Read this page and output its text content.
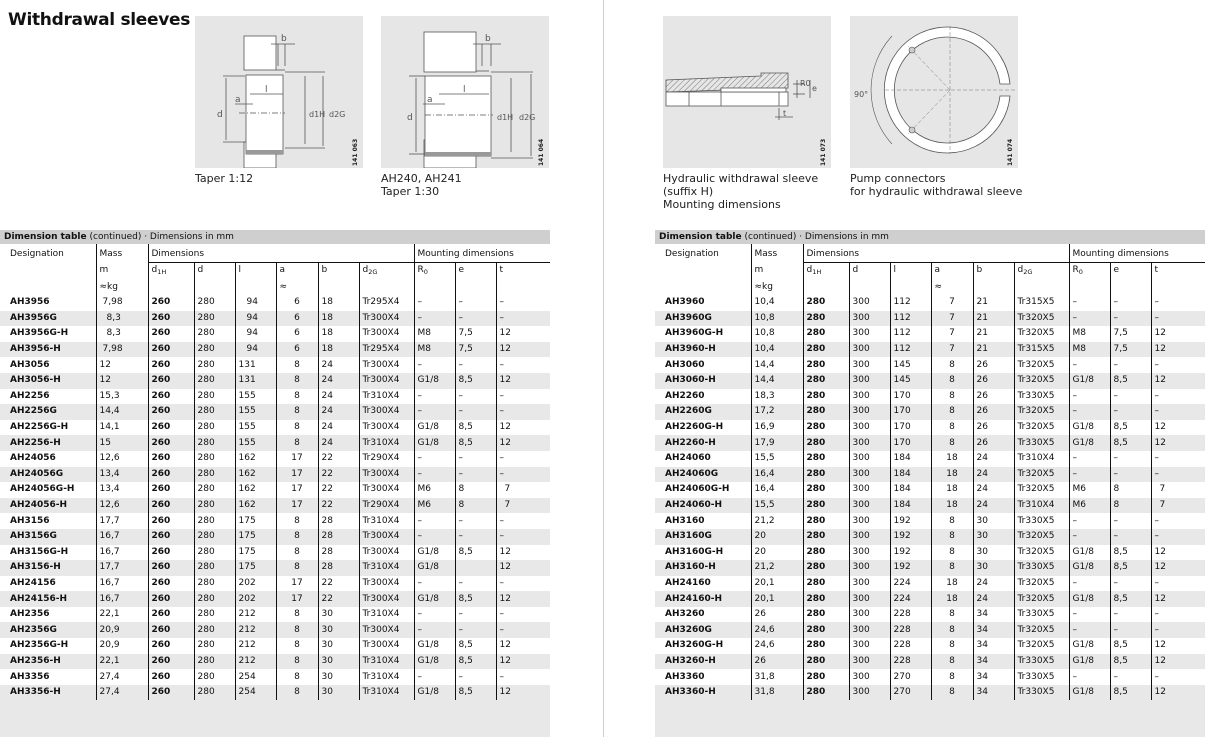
Withdrawal sleeves
b
l
a
d	d1H d2G
141 063
Taper 1:12
b
l
a
d	d1H d2G
141 064
AH240, AH241
Taper 1:30
R0
e
t
141 073
Hydraulic withdrawal sleeve
(suffix H)
Mounting dimensions
90°
141 074
Pump connectors
for hydraulic withdrawal sleeve
Dimension table (continued) · Dimensions in mm
Designation	Mass	Dimensions						Mounting dimensions		
	m	$d_{1H}$	d	l	a	b	$d_{2G}$	$R_0$	e	t
	≈kg				≈					
AH3956	7,98	260	280	94	6	18	Tr295X4	–	–	–
AH3956G	8,3	260	280	94	6	18	Tr300X4	–	–	–
AH3956G-H	8,3	260	280	94	6	18	Tr300X4	M8	7,5	12
AH3956-H	7,98	260	280	94	6	18	Tr295X4	M8	7,5	12
AH3056	12	260	280	131	8	24	Tr300X4	–	–	–
AH3056-H	12	260	280	131	8	24	Tr300X4	G1/8	8,5	12
AH2256	15,3	260	280	155	8	24	Tr310X4	–	–	–
AH2256G	14,4	260	280	155	8	24	Tr300X4	–	–	–
AH2256G-H	14,1	260	280	155	8	24	Tr300X4	G1/8	8,5	12
AH2256-H	15	260	280	155	8	24	Tr310X4	G1/8	8,5	12
AH24056	12,6	260	280	162	17	22	Tr290X4	–	–	–
AH24056G	13,4	260	280	162	17	22	Tr300X4	–	–	–
AH24056G-H	13,4	260	280	162	17	22	Tr300X4	M6	8	7
AH24056-H	12,6	260	280	162	17	22	Tr290X4	M6	8	7
AH3156	17,7	260	280	175	8	28	Tr310X4	–	–	–
AH3156G	16,7	260	280	175	8	28	Tr300X4	–	–	–
AH3156G-H	16,7	260	280	175	8	28	Tr300X4	G1/8	8,5	12
AH3156-H	17,7	260	280	175	8	28	Tr310X4	G1/8		12
AH24156	16,7	260	280	202	17	22	Tr300X4	–	–	–
AH24156-H	16,7	260	280	202	17	22	Tr300X4	G1/8	8,5	12
AH2356	22,1	260	280	212	8	30	Tr310X4	–	–	–
AH2356G	20,9	260	280	212	8	30	Tr300X4	–	–	–
AH2356G-H	20,9	260	280	212	8	30	Tr300X4	G1/8	8,5	12
AH2356-H	22,1	260	280	212	8	30	Tr310X4	G1/8	8,5	12
AH3356	27,4	260	280	254	8	30	Tr310X4	–	–	–
AH3356-H	27,4	260	280	254	8	30	Tr310X4	G1/8	8,5	12
Dimension table (continued) · Dimensions in mm
Designation	Mass	Dimensions						Mounting dimensions		
	m	$d_{1H}$	d	l	a	b	$d_{2G}$	$R_0$	e	t
	≈kg				≈					
AH3960	10,4	280	300	112	7	21	Tr315X5	–	–	–
AH3960G	10,8	280	300	112	7	21	Tr320X5	–	–	–
AH3960G-H	10,8	280	300	112	7	21	Tr320X5	M8	7,5	12
AH3960-H	10,4	280	300	112	7	21	Tr315X5	M8	7,5	12
AH3060	14,4	280	300	145	8	26	Tr320X5	–	–	–
AH3060-H	14,4	280	300	145	8	26	Tr320X5	G1/8	8,5	12
AH2260	18,3	280	300	170	8	26	Tr330X5	–	–	–
AH2260G	17,2	280	300	170	8	26	Tr320X5	–	–	–
AH2260G-H	16,9	280	300	170	8	26	Tr320X5	G1/8	8,5	12
AH2260-H	17,9	280	300	170	8	26	Tr330X5	G1/8	8,5	12
AH24060	15,5	280	300	184	18	24	Tr310X4	–	–	–
AH24060G	16,4	280	300	184	18	24	Tr320X5	–	–	–
AH24060G-H	16,4	280	300	184	18	24	Tr320X5	M6	8	7
AH24060-H	15,5	280	300	184	18	24	Tr310X4	M6	8	7
AH3160	21,2	280	300	192	8	30	Tr330X5	–	–	–
AH3160G	20	280	300	192	8	30	Tr320X5	–	–	–
AH3160G-H	20	280	300	192	8	30	Tr320X5	G1/8	8,5	12
AH3160-H	21,2	280	300	192	8	30	Tr330X5	G1/8	8,5	12
AH24160	20,1	280	300	224	18	24	Tr320X5	–	–	–
AH24160-H	20,1	280	300	224	18	24	Tr320X5	G1/8	8,5	12
AH3260	26	280	300	228	8	34	Tr330X5	–	–	–
AH3260G	24,6	280	300	228	8	34	Tr320X5	–	–	–
AH3260G-H	24,6	280	300	228	8	34	Tr320X5	G1/8	8,5	12
AH3260-H	26	280	300	228	8	34	Tr330X5	G1/8	8,5	12
AH3360	31,8	280	300	270	8	34	Tr330X5	–	–	–
AH3360-H	31,8	280	300	270	8	34	Tr330X5	G1/8	8,5	12
